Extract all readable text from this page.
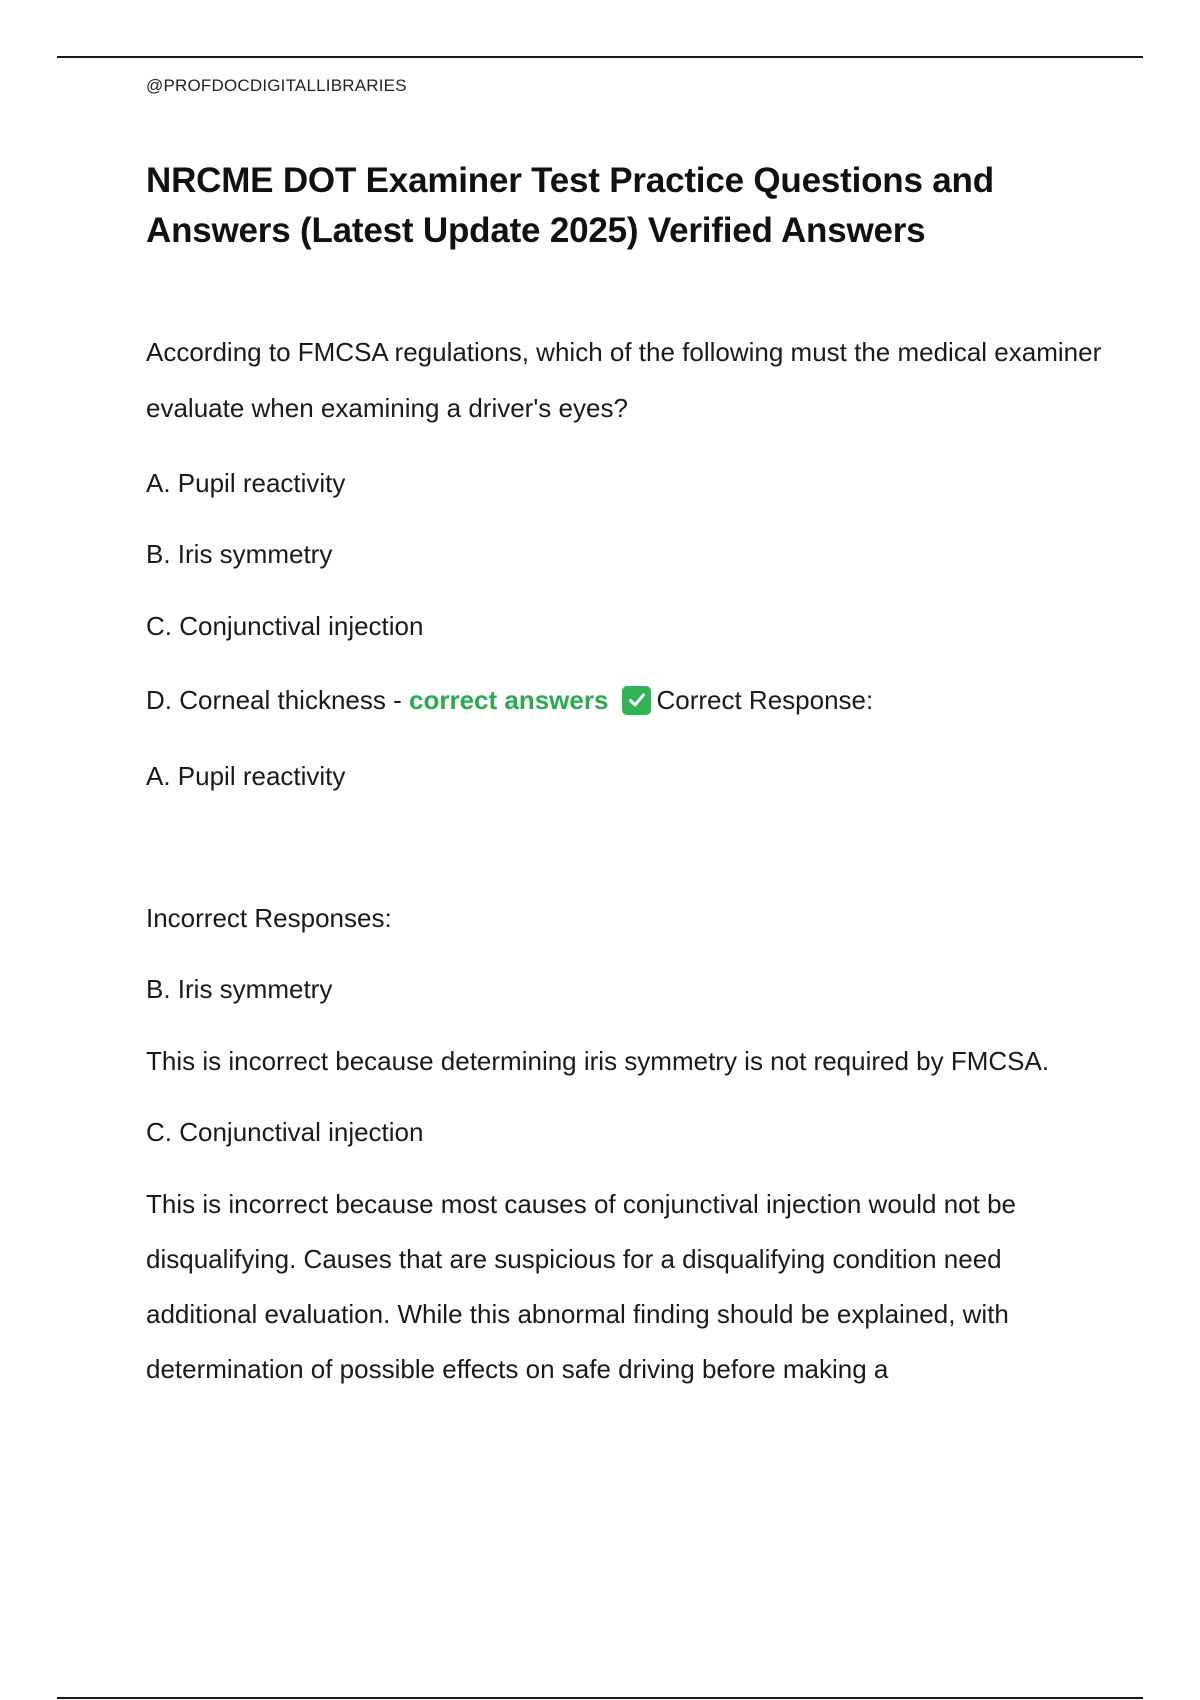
@PROFDOCDIGITALLIBRARIES

NRCME DOT Examiner Test Practice Questions and
Answers (Latest Update 2025) Verified Answers

According to FMCSA regulations, which of the following must the medical examiner evaluate when examining a driver's eyes?

A. Pupil reactivity

B. Iris symmetry

C. Conjunctival injection

D. Corneal thickness -
correct answers Correct Response:

A. Pupil reactivity

Incorrect Responses:

B. Iris symmetry

This is incorrect because determining iris symmetry is not required by FMCSA.

C. Conjunctival injection

This is incorrect because most causes of conjunctival injection would not be disqualifying. Causes that are suspicious for a disqualifying condition need additional evaluation. While this abnormal finding should be explained, with determination of possible effects on safe driving before making a
